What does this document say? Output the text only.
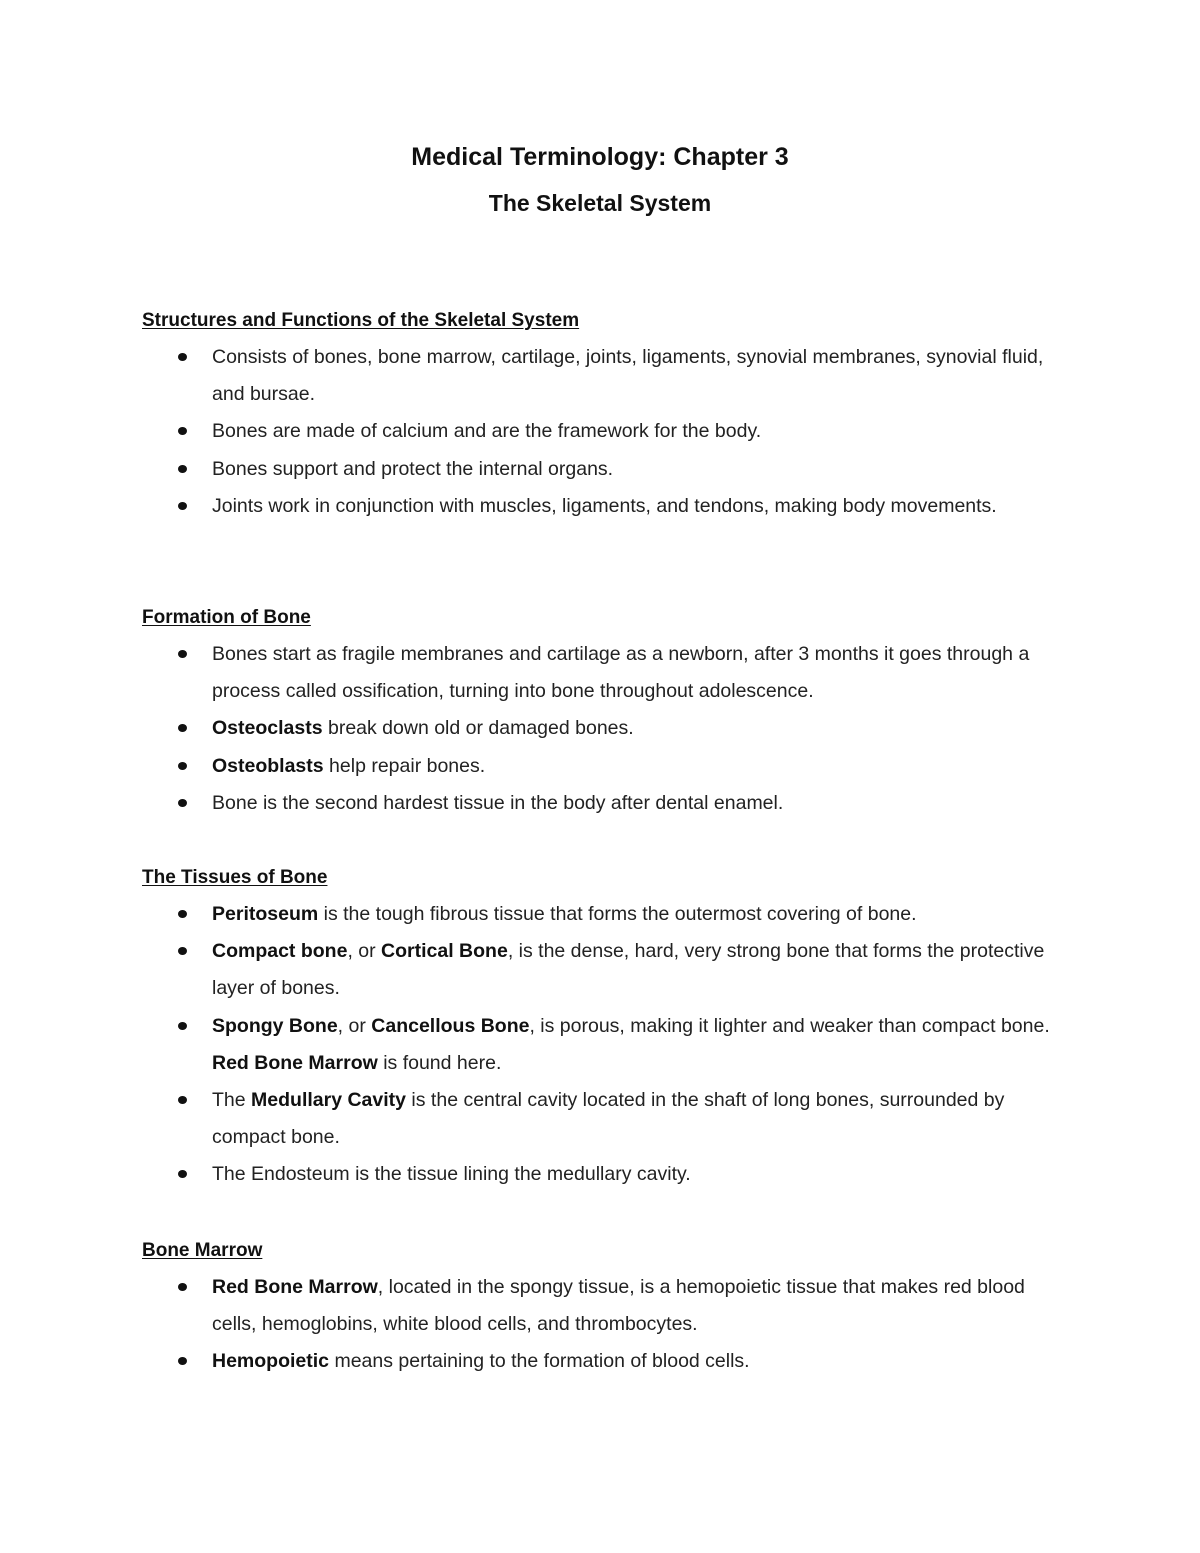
Medical Terminology: Chapter 3
The Skeletal System
Structures and Functions of the Skeletal System
Consists of bones, bone marrow, cartilage, joints, ligaments, synovial membranes, synovial fluid, and bursae.
Bones are made of calcium and are the framework for the body.
Bones support and protect the internal organs.
Joints work in conjunction with muscles, ligaments, and tendons, making body movements.
Formation of Bone
Bones start as fragile membranes and cartilage as a newborn, after 3 months it goes through a process called ossification, turning into bone throughout adolescence.
Osteoclasts break down old or damaged bones.
Osteoblasts help repair bones.
Bone is the second hardest tissue in the body after dental enamel.
The Tissues of Bone
Peritoseum is the tough fibrous tissue that forms the outermost covering of bone.
Compact bone, or Cortical Bone, is the dense, hard, very strong bone that forms the protective layer of bones.
Spongy Bone, or Cancellous Bone, is porous, making it lighter and weaker than compact bone. Red Bone Marrow is found here.
The Medullary Cavity is the central cavity located in the shaft of long bones, surrounded by compact bone.
The Endosteum is the tissue lining the medullary cavity.
Bone Marrow
Red Bone Marrow, located in the spongy tissue, is a hemopoietic tissue that makes red blood cells, hemoglobins, white blood cells, and thrombocytes.
Hemopoietic means pertaining to the formation of blood cells.
